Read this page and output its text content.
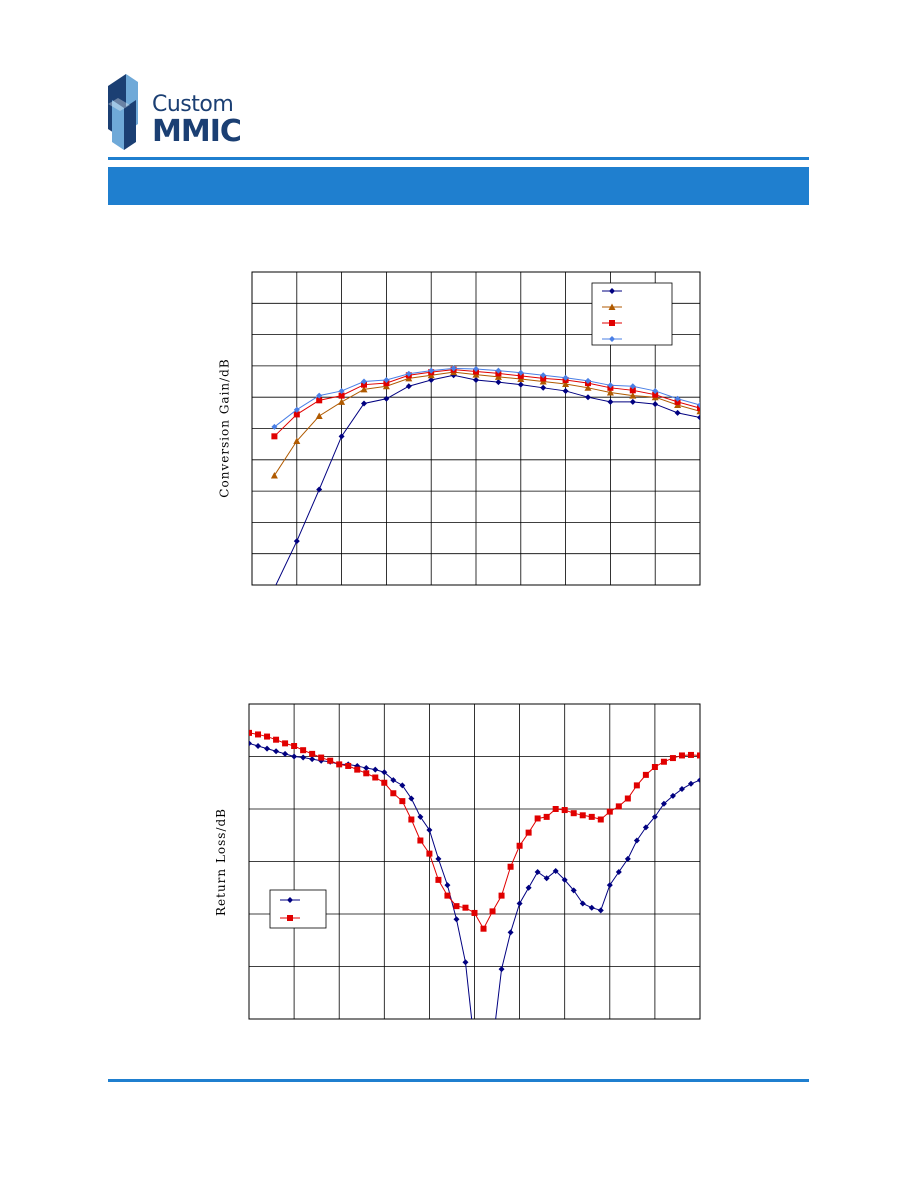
Custom
MMIC
Conversion Gain/dB
Return Loss/dB
